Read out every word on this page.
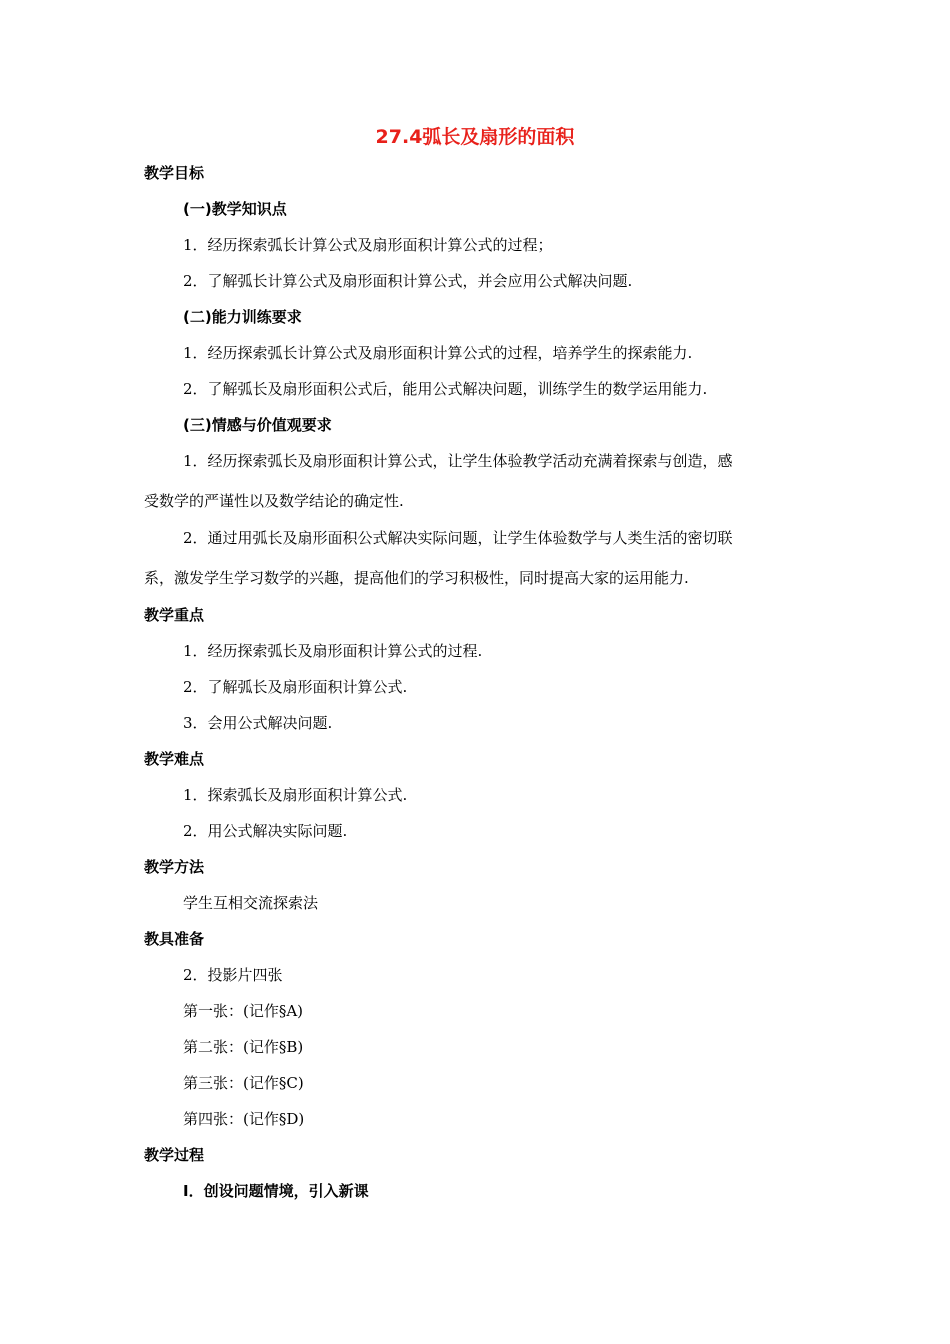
27.4弧长及扇形的面积
教学目标
(一)教学知识点
1．经历探索弧长计算公式及扇形面积计算公式的过程；
2．了解弧长计算公式及扇形面积计算公式，并会应用公式解决问题.
(二)能力训练要求
1．经历探索弧长计算公式及扇形面积计算公式的过程，培养学生的探索能力.
2．了解弧长及扇形面积公式后，能用公式解决问题，训练学生的数学运用能力.
(三)情感与价值观要求
1．经历探索弧长及扇形面积计算公式，让学生体验教学活动充满着探索与创造，感
受数学的严谨性以及数学结论的确定性.
2．通过用弧长及扇形面积公式解决实际问题，让学生体验数学与人类生活的密切联
系，激发学生学习数学的兴趣，提高他们的学习积极性，同时提高大家的运用能力.
教学重点
1．经历探索弧长及扇形面积计算公式的过程.
2．了解弧长及扇形面积计算公式.
3．会用公式解决问题.
教学难点
1．探索弧长及扇形面积计算公式.
2．用公式解决实际问题.
教学方法
学生互相交流探索法
教具准备
2．投影片四张
第一张：(记作§A)
第二张：(记作§B)
第三张：(记作§C)
第四张：(记作§D)
教学过程
Ⅰ．创设问题情境，引入新课
